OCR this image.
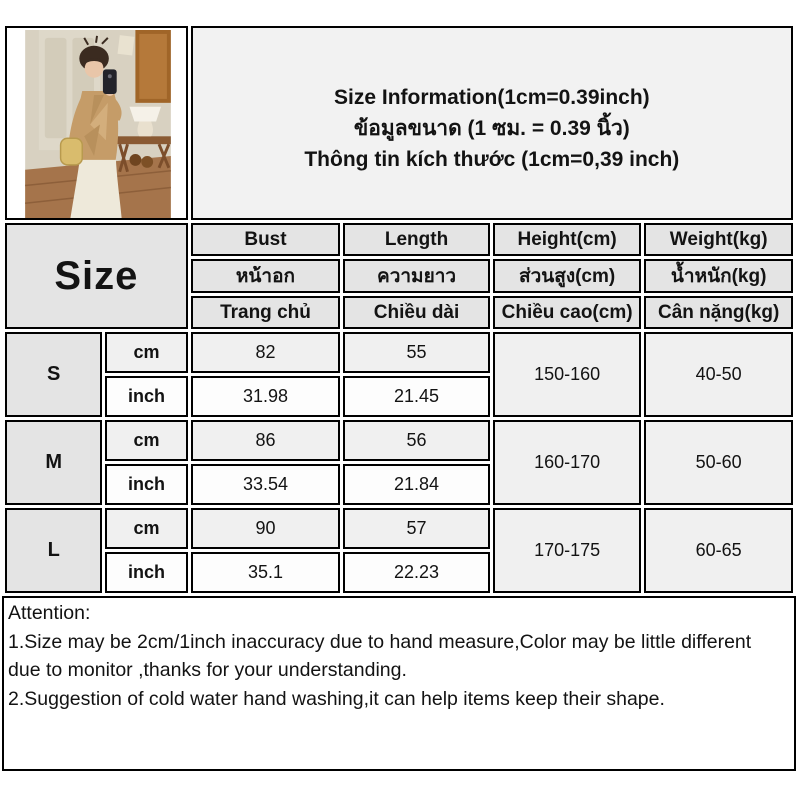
Size Information(1cm=0.39inch)
ข้อมูลขนาด (1 ซม. = 0.39 นิ้ว)
Thông tin kích thước (1cm=0,39 inch)			

Size		Bust	Length	Height(cm)	Weight(kg)
		หน้าอก	ความยาว	ส่วนสูง(cm)	น้ำหนัก(kg)
		Trang chủ	Chiều dài	Chiều cao(cm)	Cân nặng(kg)
S	cm	82	55	150-160	40-50
	inch	31.98	21.45		
M	cm	86	56	160-170	50-60
	inch	33.54	21.84		
L	cm	90	57	170-175	60-65
	inch	35.1	22.23		
Attention:
1.Size may be 2cm/1inch inaccuracy due to hand measure,Color may be little different due to monitor ,thanks for your understanding.
2.Suggestion of cold water hand washing,it can help items keep their shape.
